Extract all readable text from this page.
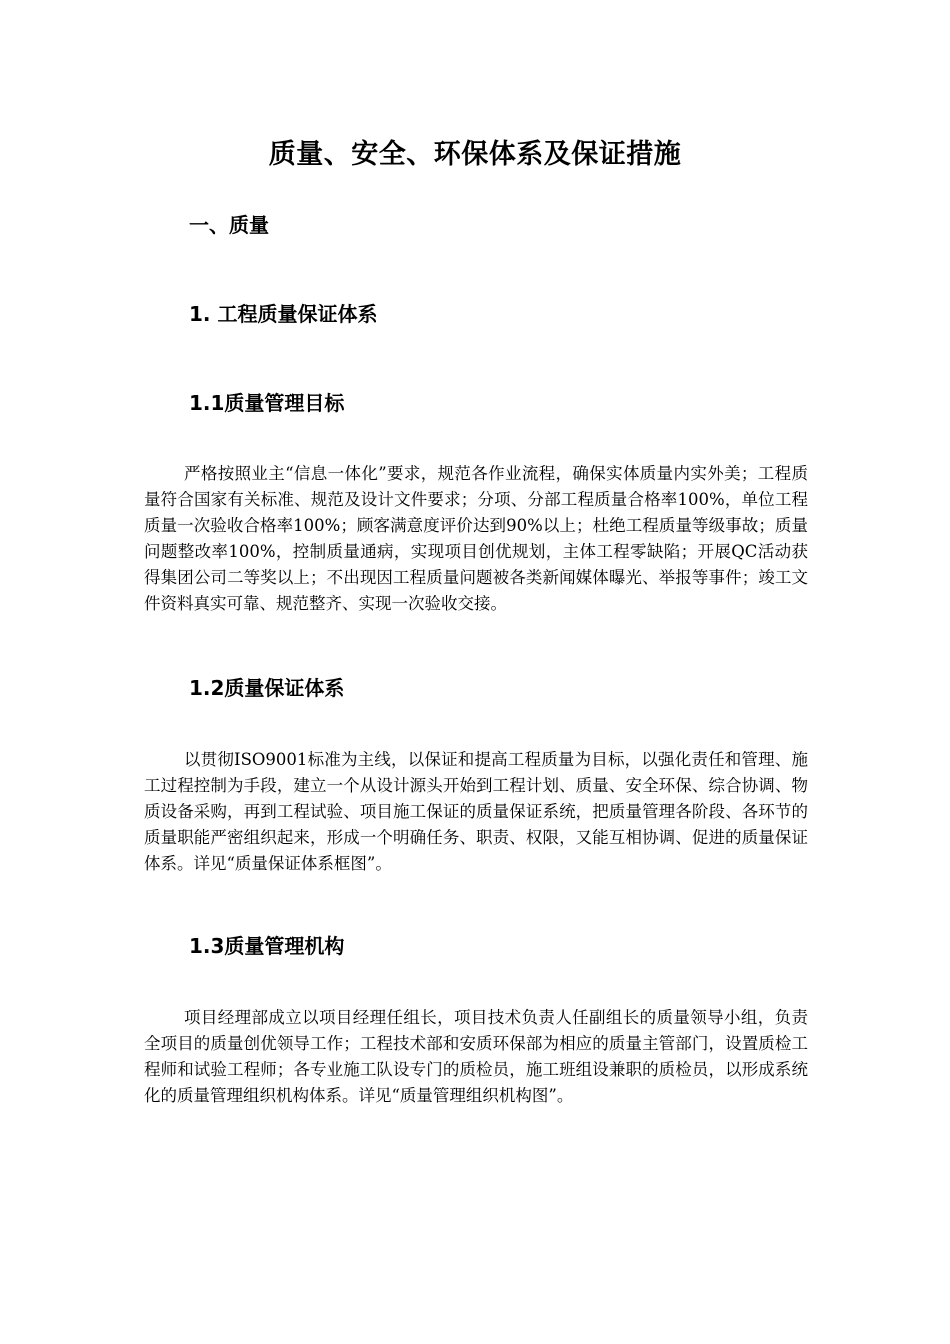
质量、安全、环保体系及保证措施
一、质量
1. 工程质量保证体系
1.1质量管理目标

严格按照业主“信息一体化”要求，规范各作业流程，确保实体质量内实外美；工程质量符合国家有关标准、规范及设计文件要求；分项、分部工程质量合格率100%，单位工程质量一次验收合格率100%；顾客满意度评价达到90%以上；杜绝工程质量等级事故；质量问题整改率100%，控制质量通病，实现项目创优规划，主体工程零缺陷；开展QC活动获得集团公司二等奖以上；不出现因工程质量问题被各类新闻媒体曝光、举报等事件；竣工文件资料真实可靠、规范整齐、实现一次验收交接。

1.2质量保证体系

以贯彻ISO9001标准为主线，以保证和提高工程质量为目标，以强化责任和管理、施工过程控制为手段，建立一个从设计源头开始到工程计划、质量、安全环保、综合协调、物质设备采购，再到工程试验、项目施工保证的质量保证系统，把质量管理各阶段、各环节的质量职能严密组织起来，形成一个明确任务、职责、权限，又能互相协调、促进的质量保证体系。详见“质量保证体系框图”。

1.3质量管理机构

项目经理部成立以项目经理任组长，项目技术负责人任副组长的质量领导小组，负责全项目的质量创优领导工作；工程技术部和安质环保部为相应的质量主管部门，设置质检工程师和试验工程师；各专业施工队设专门的质检员，施工班组设兼职的质检员，以形成系统化的质量管理组织机构体系。详见“质量管理组织机构图”。
